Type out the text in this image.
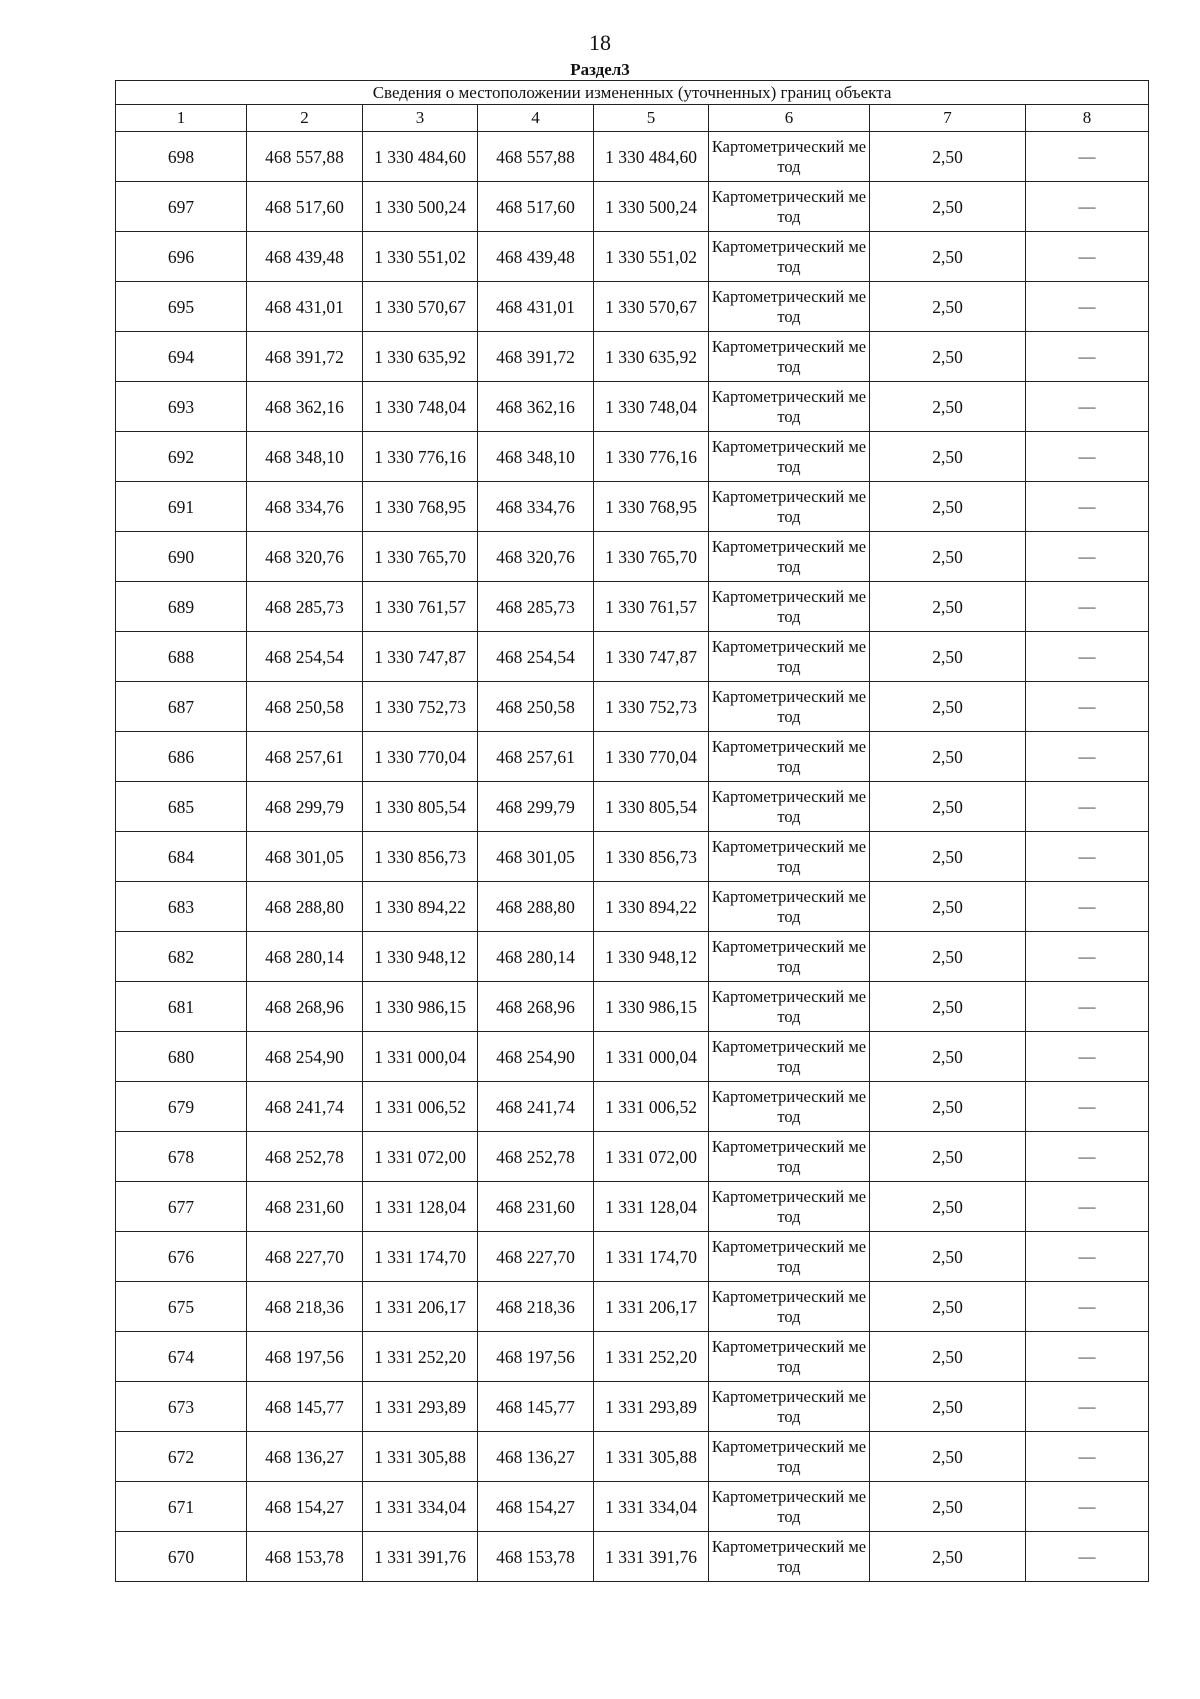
18
Раздел3
Сведения о местоположении измененных (уточненных) границ объекта							
1	2	3	4	5	6	7	8
698	468 557,88	1 330 484,60	468 557,88	1 330 484,60	Картометрический метод	2,50	—
697	468 517,60	1 330 500,24	468 517,60	1 330 500,24	Картометрический метод	2,50	—
696	468 439,48	1 330 551,02	468 439,48	1 330 551,02	Картометрический метод	2,50	—
695	468 431,01	1 330 570,67	468 431,01	1 330 570,67	Картометрический метод	2,50	—
694	468 391,72	1 330 635,92	468 391,72	1 330 635,92	Картометрический метод	2,50	—
693	468 362,16	1 330 748,04	468 362,16	1 330 748,04	Картометрический метод	2,50	—
692	468 348,10	1 330 776,16	468 348,10	1 330 776,16	Картометрический метод	2,50	—
691	468 334,76	1 330 768,95	468 334,76	1 330 768,95	Картометрический метод	2,50	—
690	468 320,76	1 330 765,70	468 320,76	1 330 765,70	Картометрический метод	2,50	—
689	468 285,73	1 330 761,57	468 285,73	1 330 761,57	Картометрический метод	2,50	—
688	468 254,54	1 330 747,87	468 254,54	1 330 747,87	Картометрический метод	2,50	—
687	468 250,58	1 330 752,73	468 250,58	1 330 752,73	Картометрический метод	2,50	—
686	468 257,61	1 330 770,04	468 257,61	1 330 770,04	Картометрический метод	2,50	—
685	468 299,79	1 330 805,54	468 299,79	1 330 805,54	Картометрический метод	2,50	—
684	468 301,05	1 330 856,73	468 301,05	1 330 856,73	Картометрический метод	2,50	—
683	468 288,80	1 330 894,22	468 288,80	1 330 894,22	Картометрический метод	2,50	—
682	468 280,14	1 330 948,12	468 280,14	1 330 948,12	Картометрический метод	2,50	—
681	468 268,96	1 330 986,15	468 268,96	1 330 986,15	Картометрический метод	2,50	—
680	468 254,90	1 331 000,04	468 254,90	1 331 000,04	Картометрический метод	2,50	—
679	468 241,74	1 331 006,52	468 241,74	1 331 006,52	Картометрический метод	2,50	—
678	468 252,78	1 331 072,00	468 252,78	1 331 072,00	Картометрический метод	2,50	—
677	468 231,60	1 331 128,04	468 231,60	1 331 128,04	Картометрический метод	2,50	—
676	468 227,70	1 331 174,70	468 227,70	1 331 174,70	Картометрический метод	2,50	—
675	468 218,36	1 331 206,17	468 218,36	1 331 206,17	Картометрический метод	2,50	—
674	468 197,56	1 331 252,20	468 197,56	1 331 252,20	Картометрический метод	2,50	—
673	468 145,77	1 331 293,89	468 145,77	1 331 293,89	Картометрический метод	2,50	—
672	468 136,27	1 331 305,88	468 136,27	1 331 305,88	Картометрический метод	2,50	—
671	468 154,27	1 331 334,04	468 154,27	1 331 334,04	Картометрический метод	2,50	—
670	468 153,78	1 331 391,76	468 153,78	1 331 391,76	Картометрический метод	2,50	—
